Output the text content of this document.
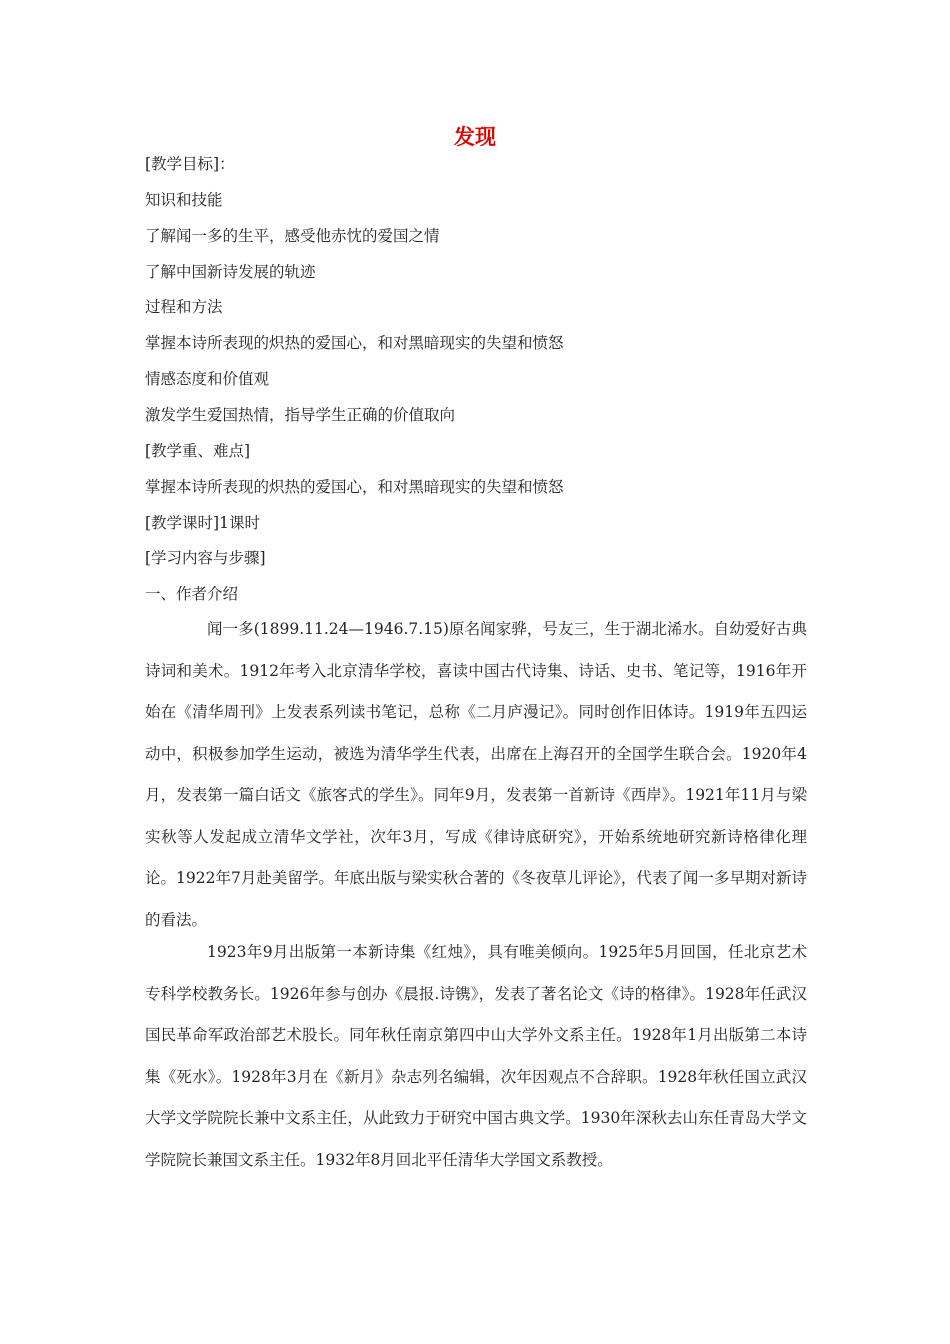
发现
[教学目标]：
知识和技能
了解闻一多的生平，感受他赤忱的爱国之情
了解中国新诗发展的轨迹
过程和方法
掌握本诗所表现的炽热的爱国心，和对黑暗现实的失望和愤怒
情感态度和价值观
激发学生爱国热情，指导学生正确的价值取向
[教学重、难点]
掌握本诗所表现的炽热的爱国心，和对黑暗现实的失望和愤怒
[教学课时]1课时
[学习内容与步骤]
一、作者介绍
闻一多(1899.11.24—1946.7.15)原名闻家骅，号友三，生于湖北浠水。自幼爱好古典诗词和美术。1912年考入北京清华学校，喜读中国古代诗集、诗话、史书、笔记等，1916年开始在《清华周刊》上发表系列读书笔记，总称《二月庐漫记》。同时创作旧体诗。1919年五四运动中，积极参加学生运动，被选为清华学生代表，出席在上海召开的全国学生联合会。1920年4月，发表第一篇白话文《旅客式的学生》。同年9月，发表第一首新诗《西岸》。1921年11月与梁实秋等人发起成立清华文学社，次年3月，写成《律诗底研究》，开始系统地研究新诗格律化理论。1922年7月赴美留学。年底出版与梁实秋合著的《冬夜草儿评论》，代表了闻一多早期对新诗的看法。
1923年9月出版第一本新诗集《红烛》，具有唯美倾向。1925年5月回国，任北京艺术专科学校教务长。1926年参与创办《晨报.诗镌》，发表了著名论文《诗的格律》。1928年任武汉国民革命军政治部艺术股长。同年秋任南京第四中山大学外文系主任。1928年1月出版第二本诗集《死水》。1928年3月在《新月》杂志列名编辑，次年因观点不合辞职。1928年秋任国立武汉大学文学院院长兼中文系主任，从此致力于研究中国古典文学。1930年深秋去山东任青岛大学文学院院长兼国文系主任。1932年8月回北平任清华大学国文系教授。
